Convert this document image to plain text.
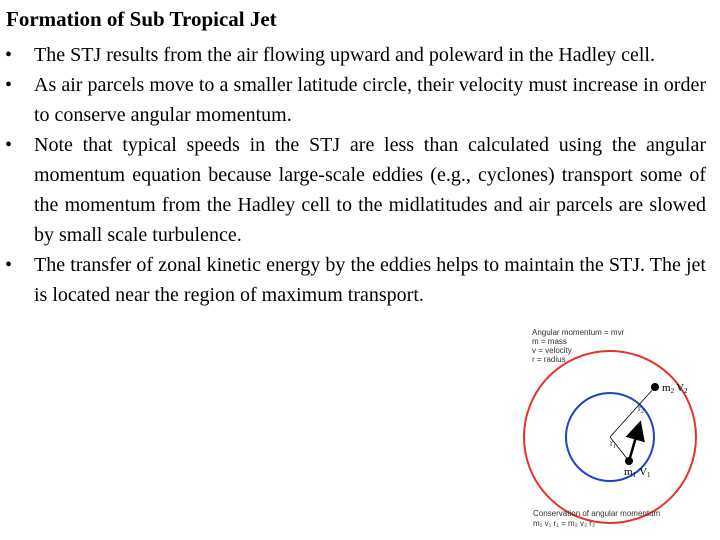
Formation of Sub Tropical Jet
•	The STJ results from the air flowing upward and poleward in the Hadley cell.
•	As air parcels move to a smaller latitude circle, their velocity must increase in order to conserve angular momentum.
•	Note that typical speeds in the STJ are less than calculated using the angular momentum equation because large-scale eddies (e.g., cyclones) transport some of the momentum from the Hadley cell to the midlatitudes and air parcels are slowed by small scale turbulence.
•	The transfer of zonal kinetic energy by the eddies helps to maintain the STJ. The jet is located near the region of maximum transport.
Angular momentum = mvr
m = mass
v = velocity
r = radius
m2 V2
m1 V1
$r_2$
$r_1$
Conservation of angular momentum
m₁ v₁ r₁ = m₂ v₂ r₂
